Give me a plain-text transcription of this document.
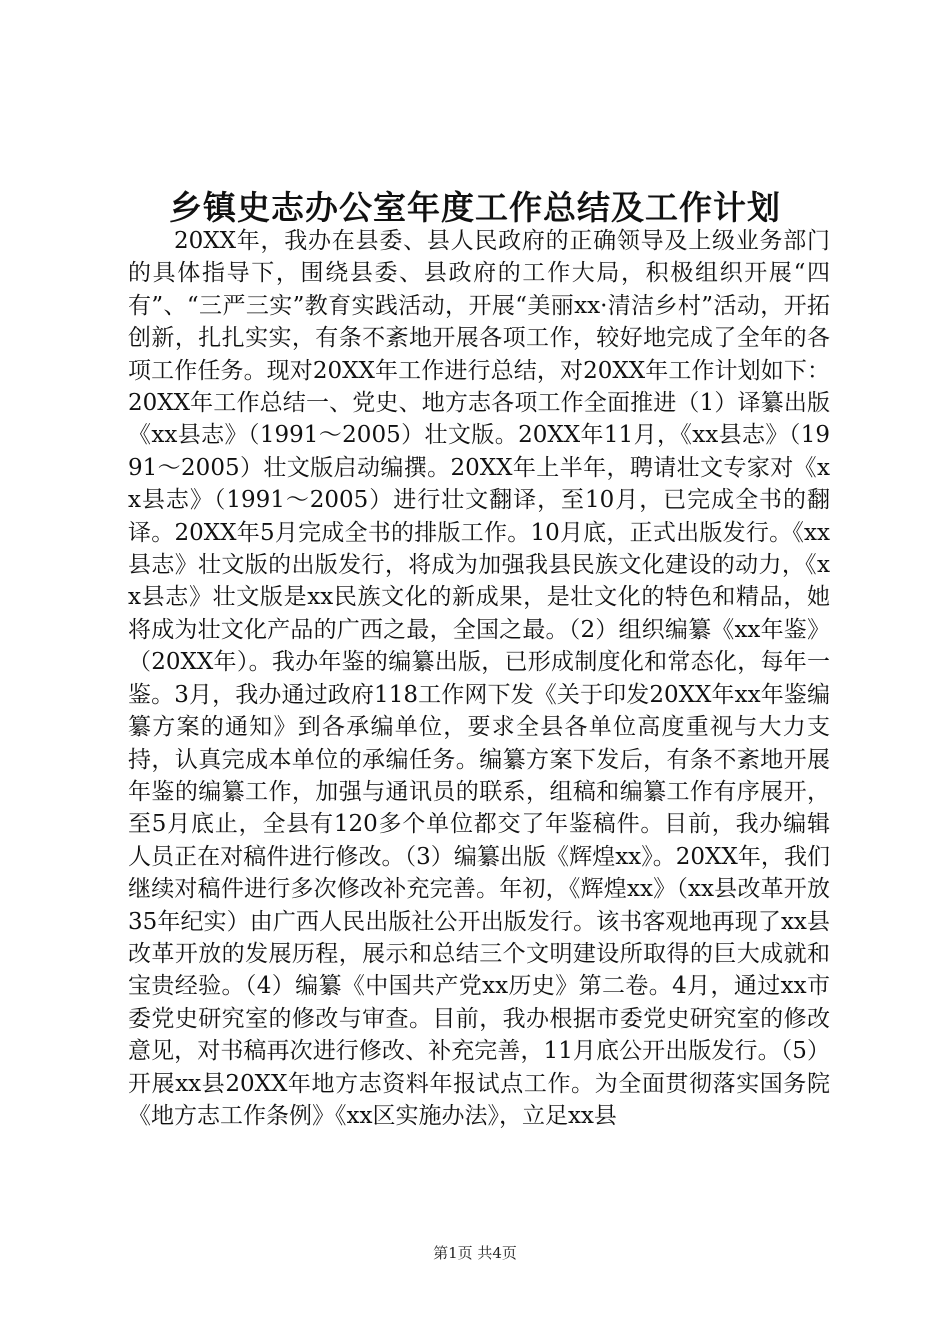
乡镇史志办公室年度工作总结及工作计划

20XX年，我办在县委、县人民政府的正确领导及上级业务部门的具体指导下，围绕县委、县政府的工作大局，积极组织开展“四有”、“三严三实”教育实践活动，开展“美丽xx·清洁乡村”活动，开拓创新，扎扎实实，有条不紊地开展各项工作，较好地完成了全年的各项工作任务。现对20XX年工作进行总结，对20XX年工作计划如下：20XX年工作总结一、党史、地方志各项工作全面推进（1）译纂出版《xx县志》（1991～2005）壮文版。20XX年11月，《xx县志》（1991～2005）壮文版启动编撰。20XX年上半年，聘请壮文专家对《xx县志》（1991～2005）进行壮文翻译，至10月，已完成全书的翻译。20XX年5月完成全书的排版工作。10月底，正式出版发行。《xx县志》壮文版的出版发行，将成为加强我县民族文化建设的动力，《xx县志》壮文版是xx民族文化的新成果，是壮文化的特色和精品，她将成为壮文化产品的广西之最，全国之最。（2）组织编纂《xx年鉴》（20XX年）。我办年鉴的编纂出版，已形成制度化和常态化，每年一鉴。3月，我办通过政府118工作网下发《关于印发20XX年xx年鉴编纂方案的通知》到各承编单位，要求全县各单位高度重视与大力支持，认真完成本单位的承编任务。编纂方案下发后，有条不紊地开展年鉴的编纂工作，加强与通讯员的联系，组稿和编纂工作有序展开，至5月底止，全县有120多个单位都交了年鉴稿件。目前，我办编辑人员正在对稿件进行修改。（3）编纂出版《辉煌xx》。20XX年，我们继续对稿件进行多次修改补充完善。年初，《辉煌xx》（xx县改革开放35年纪实）由广西人民出版社公开出版发行。该书客观地再现了xx县改革开放的发展历程，展示和总结三个文明建设所取得的巨大成就和宝贵经验。（4）编纂《中国共产党xx历史》第二卷。4月，通过xx市委党史研究室的修改与审查。目前，我办根据市委党史研究室的修改意见，对书稿再次进行修改、补充完善，11月底公开出版发行。（5）开展xx县20XX年地方志资料年报试点工作。为全面贯彻落实国务院《地方志工作条例》《xx区实施办法》，立足xx县

第1页 共4页
